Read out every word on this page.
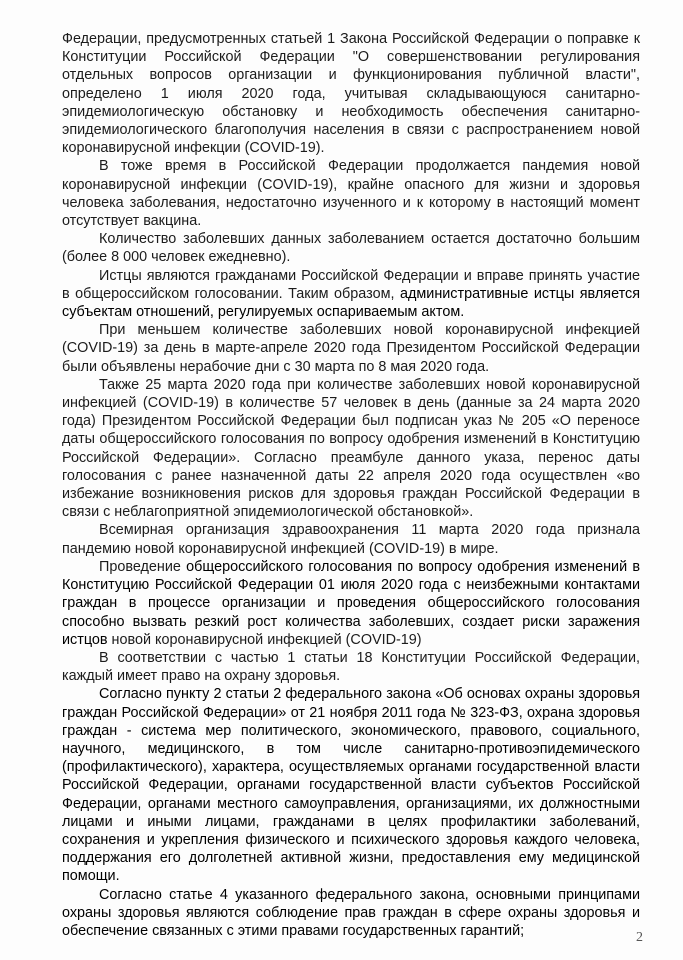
Федерации, предусмотренных статьей 1 Закона Российской Федерации о поправке к Конституции Российской Федерации "О совершенствовании регулирования отдельных вопросов организации и функционирования публичной власти", определено 1 июля 2020 года, учитывая складывающуюся санитарно-эпидемиологическую обстановку и необходимость обеспечения санитарно-эпидемиологического благополучия населения в связи с распространением новой коронавирусной инфекции (COVID-19).

В тоже время в Российской Федерации продолжается пандемия новой коронавирусной инфекции (COVID-19), крайне опасного для жизни и здоровья человека заболевания, недостаточно изученного и к которому в настоящий момент отсутствует вакцина.

Количество заболевших данных заболеванием остается достаточно большим (более 8 000 человек ежедневно).

Истцы являются гражданами Российской Федерации и вправе принять участие в общероссийском голосовании. Таким образом, административные истцы является субъектам отношений, регулируемых оспариваемым актом.

При меньшем количестве заболевших новой коронавирусной инфекцией (COVID-19) за день в марте-апреле 2020 года Президентом Российской Федерации были объявлены нерабочие дни с 30 марта по 8 мая 2020 года.

Также 25 марта 2020 года при количестве заболевших новой коронавирусной инфекцией (COVID-19) в количестве 57 человек в день (данные за 24 марта 2020 года) Президентом Российской Федерации был подписан указ № 205 «О переносе даты общероссийского голосования по вопросу одобрения изменений в Конституцию Российской Федерации». Согласно преамбуле данного указа, перенос даты голосования с ранее назначенной даты 22 апреля 2020 года осуществлен «во избежание возникновения рисков для здоровья граждан Российской Федерации в связи с неблагоприятной эпидемиологической обстановкой».

Всемирная организация здравоохранения 11 марта 2020 года признала пандемию новой коронавирусной инфекцией (COVID-19) в мире.

Проведение общероссийского голосования по вопросу одобрения изменений в Конституцию Российской Федерации 01 июля 2020 года с неизбежными контактами граждан в процессе организации и проведения общероссийского голосования способно вызвать резкий рост количества заболевших, создает риски заражения истцов новой коронавирусной инфекцией (COVID-19)

В соответствии с частью 1 статьи 18 Конституции Российской Федерации, каждый имеет право на охрану здоровья.

Согласно пункту 2 статьи 2 федерального закона «Об основах охраны здоровья граждан Российской Федерации» от 21 ноября 2011 года № 323-ФЗ, охрана здоровья граждан - система мер политического, экономического, правового, социального, научного, медицинского, в том числе санитарно-противоэпидемического (профилактического), характера, осуществляемых органами государственной власти Российской Федерации, органами государственной власти субъектов Российской Федерации, органами местного самоуправления, организациями, их должностными лицами и иными лицами, гражданами в целях профилактики заболеваний, сохранения и укрепления физического и психического здоровья каждого человека, поддержания его долголетней активной жизни, предоставления ему медицинской помощи.

Согласно статье 4 указанного федерального закона, основными принципами охраны здоровья являются соблюдение прав граждан в сфере охраны здоровья и обеспечение связанных с этими правами государственных гарантий;	2
